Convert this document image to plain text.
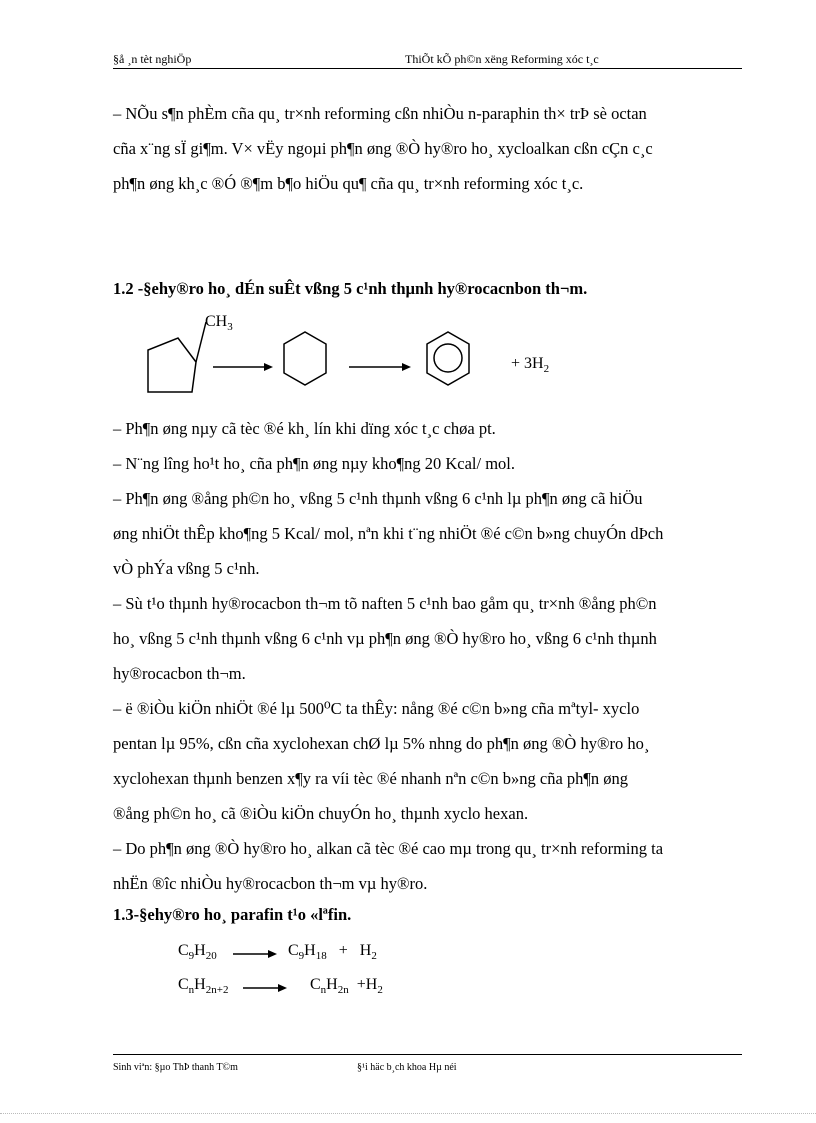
§å ¸n tèt nghiÖp	ThiÕt kÕ ph©n xëng Reforming xóc t¸c

– NÕu s¶n phÈm cña qu¸ tr×nh reforming cßn nhiÒu n-paraphin th× trÞ sè octan
cña x¨ng sÏ gi¶m. V× vËy ngoµi ph¶n øng ®Ò hy®ro ho¸ xycloalkan cßn cÇn c¸c
ph¶n øng kh¸c ®Ó ®¶m b¶o hiÖu qu¶ cña qu¸ tr×nh reforming xóc t¸c.

1.2 -§ehy®ro ho¸ dÉn suÊt vßng 5 c¹nh thµnh hy®rocacnbon th¬m.
$CH_3$
+ $3H_2$

– Ph¶n øng nµy cã tèc ®é kh¸ lín khi dïng xóc t¸c chøa pt.

– N¨ng lîng ho¹t ho¸ cña ph¶n øng nµy kho¶ng 20 Kcal/ mol.

– Ph¶n øng ®ång ph©n ho¸ vßng 5 c¹nh thµnh vßng 6 c¹nh lµ ph¶n øng cã hiÖu
øng nhiÖt thÊp kho¶ng 5 Kcal/ mol, nªn khi t¨ng nhiÖt ®é c©n b»ng chuyÓn dÞch
vÒ phÝa vßng 5 c¹nh.

– Sù t¹o thµnh hy®rocacbon th¬m tõ naften 5 c¹nh bao gåm qu¸ tr×nh ®ång ph©n
ho¸ vßng 5 c¹nh thµnh vßng 6 c¹nh vµ ph¶n øng ®Ò hy®ro ho¸ vßng 6 c¹nh thµnh
hy®rocacbon th¬m.

– ë ®iÒu kiÖn nhiÖt ®é lµ 500⁰C ta thÊy: nång ®é c©n b»ng cña mªtyl- xyclo
pentan lµ 95%, cßn cña xyclohexan chØ lµ 5% nhng do ph¶n øng ®Ò hy®ro ho¸
xyclohexan thµnh benzen x¶y ra víi tèc ®é nhanh nªn c©n b»ng cña ph¶n øng
®ång ph©n ho¸ cã ®iÒu kiÖn chuyÓn ho¸ thµnh xyclo hexan.

– Do ph¶n øng ®Ò hy®ro ho¸ alkan cã tèc ®é cao mµ trong qu¸ tr×nh reforming ta
nhËn ®îc nhiÒu hy®rocacbon th¬m vµ hy®ro.

1.3-§ehy®ro ho¸ parafin t¹o «lªfin.
$C_9H_{20}$	$C_9H_{18} + H_2$
$C_nH_{2n+2}$	$C_nH_{2n} +H_2$
Sinh viªn: §µo ThÞ thanh T©m	§¹i häc b¸ch khoa Hµ néi
